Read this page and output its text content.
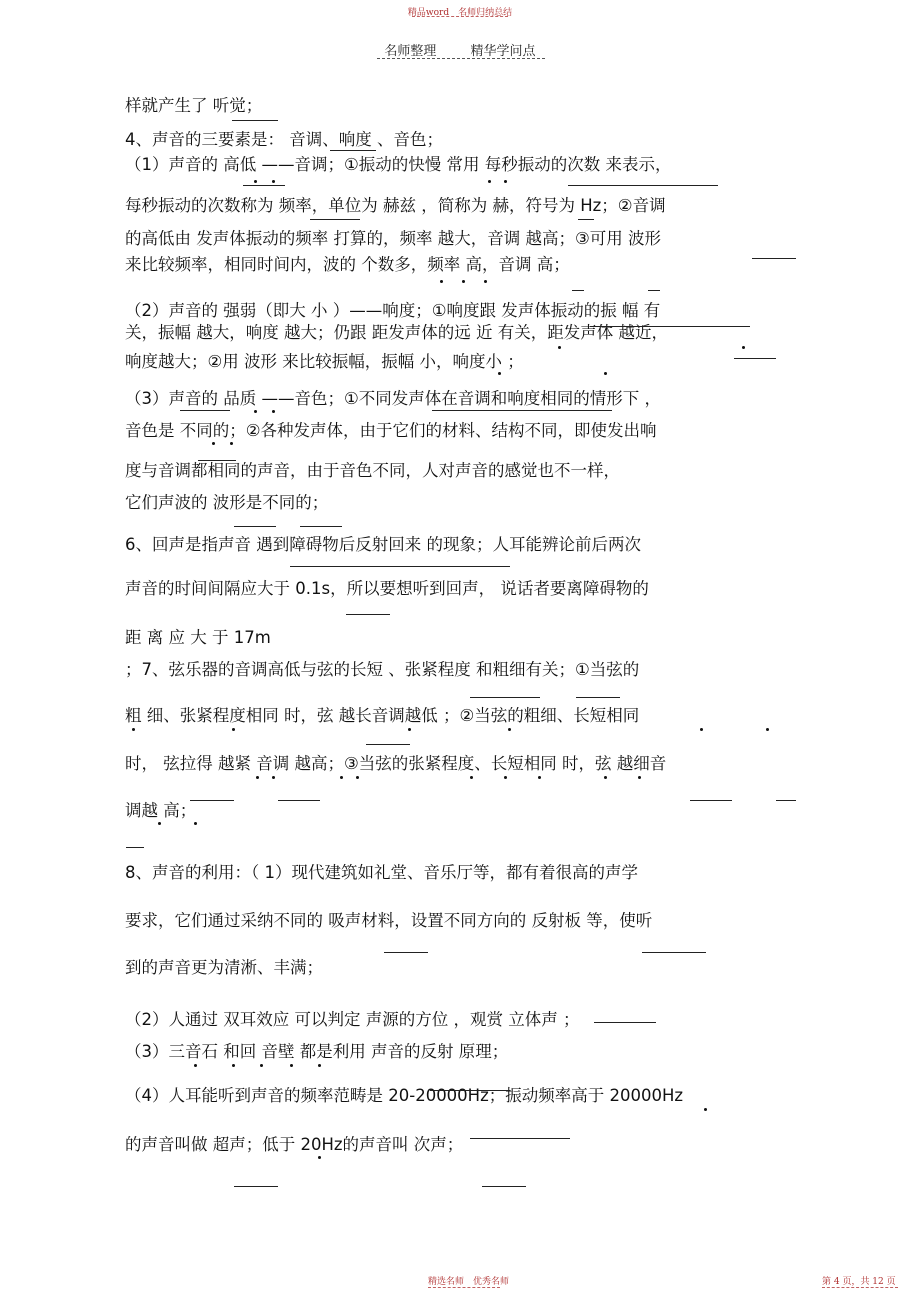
精品word　名师归纳总结
名师整理 精华学问点
样就产生了 听觉；
4、声音的三要素是： 音调、响度 、音色；
（1）声音的 高低 ——音调；①振动的快慢 常用 每秒振动的次数 来表示，
每秒振动的次数称为 频率，单位为 赫兹 ，简称为 赫，符号为 Hz；②音调
的高低由 发声体振动的频率 打算的，频率 越大，音调 越高；③可用 波形
来比较频率，相同时间内，波的 个数多，频率 高，音调 高；
（2）声音的 强弱（即大 小 ）——响度；①响度跟 发声体振动的振 幅 有
关，振幅 越大，响度 越大；仍跟 距发声体的远 近 有关，距发声体 越近，
响度越大；②用 波形 来比较振幅，振幅 小，响度小 ；
（3）声音的 品质 ——音色；①不同发声体在音调和响度相同的情形下 ，
音色是 不同的；②各种发声体，由于它们的材料、结构不同，即使发出响
度与音调都相同的声音，由于音色不同，人对声音的感觉也不一样，
它们声波的 波形是不同的；
6、回声是指声音 遇到障碍物后反射回来 的现象；人耳能辨论前后两次
声音的时间间隔应大于 0.1s，所以要想听到回声， 说话者要离障碍物的
距 离 应 大 于 17m
；7、弦乐器的音调高低与弦的长短 、张紧程度 和粗细有关；①当弦的
粗 细、张紧程度相同 时，弦 越长音调越低 ；②当弦的粗细、长短相同
时， 弦拉得 越紧 音调 越高；③当弦的张紧程度、长短相同 时，弦 越细音
调越 高；
8、声音的利用：（ 1）现代建筑如礼堂、音乐厅等，都有着很高的声学
要求，它们通过采纳不同的 吸声材料，设置不同方向的 反射板 等，使听
到的声音更为清淅、丰满；
（2）人通过 双耳效应 可以判定 声源的方位 ，观赏 立体声 ；
（3）三音石 和回 音壁 都是利用 声音的反射 原理；
（4）人耳能听到声音的频率范畴是 20-20000Hz；振动频率高于 20000Hz
的声音叫做 超声；低于 20Hz的声音叫 次声；
精选名师　优秀名师	第 4 页，共 12 页
